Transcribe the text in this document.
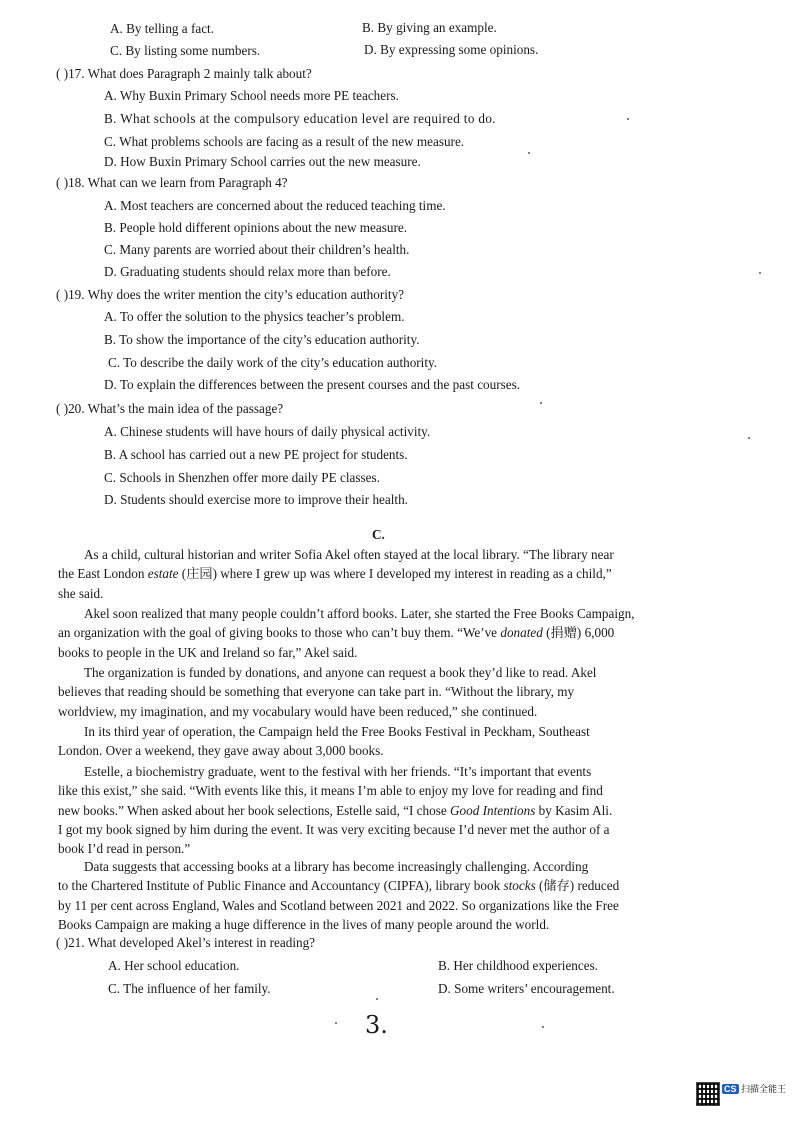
A. By telling a fact.	B. By giving an example.
C. By listing some numbers.	D. By expressing some opinions.
( )17. What does Paragraph 2 mainly talk about?
A. Why Buxin Primary School needs more PE teachers.
B. What schools at the compulsory education level are required to do.
C. What problems schools are facing as a result of the new measure.
D. How Buxin Primary School carries out the new measure.
( )18. What can we learn from Paragraph 4?
A. Most teachers are concerned about the reduced teaching time.
B. People hold different opinions about the new measure.
C. Many parents are worried about their children’s health.
D. Graduating students should relax more than before.
( )19. Why does the writer mention the city’s education authority?
A. To offer the solution to the physics teacher’s problem.
B. To show the importance of the city’s education authority.
C. To describe the daily work of the city’s education authority.
D. To explain the differences between the present courses and the past courses.
( )20. What’s the main idea of the passage?
A. Chinese students will have hours of daily physical activity.
B. A school has carried out a new PE project for students.
C. Schools in Shenzhen offer more daily PE classes.
D. Students should exercise more to improve their health.
C.
As a child, cultural historian and writer Sofia Akel often stayed at the local library. “The library near
the East London estate (庄园) where I grew up was where I developed my interest in reading as a child,”
she said.
Akel soon realized that many people couldn’t afford books. Later, she started the Free Books Campaign,
an organization with the goal of giving books to those who can’t buy them. “We’ve donated (捐赠) 6,000
books to people in the UK and Ireland so far,” Akel said.
The organization is funded by donations, and anyone can request a book they’d like to read. Akel
believes that reading should be something that everyone can take part in. “Without the library, my
worldview, my imagination, and my vocabulary would have been reduced,” she continued.
In its third year of operation, the Campaign held the Free Books Festival in Peckham, Southeast
London. Over a weekend, they gave away about 3,000 books.
Estelle, a biochemistry graduate, went to the festival with her friends. “It’s important that events
like this exist,” she said. “With events like this, it means I’m able to enjoy my love for reading and find
new books.” When asked about her book selections, Estelle said, “I chose Good Intentions by Kasim Ali.
I got my book signed by him during the event. It was very exciting because I’d never met the author of a
book I’d read in person.”
Data suggests that accessing books at a library has become increasingly challenging. According
to the Chartered Institute of Public Finance and Accountancy (CIPFA), library book stocks (储存) reduced
by 11 per cent across England, Wales and Scotland between 2021 and 2022. So organizations like the Free
Books Campaign are making a huge difference in the lives of many people around the world.
( )21. What developed Akel’s interest in reading?
A. Her school education.	B. Her childhood experiences.
C. The influence of her family.	D. Some writers’ encouragement.
3.
CS 扫描全能王
